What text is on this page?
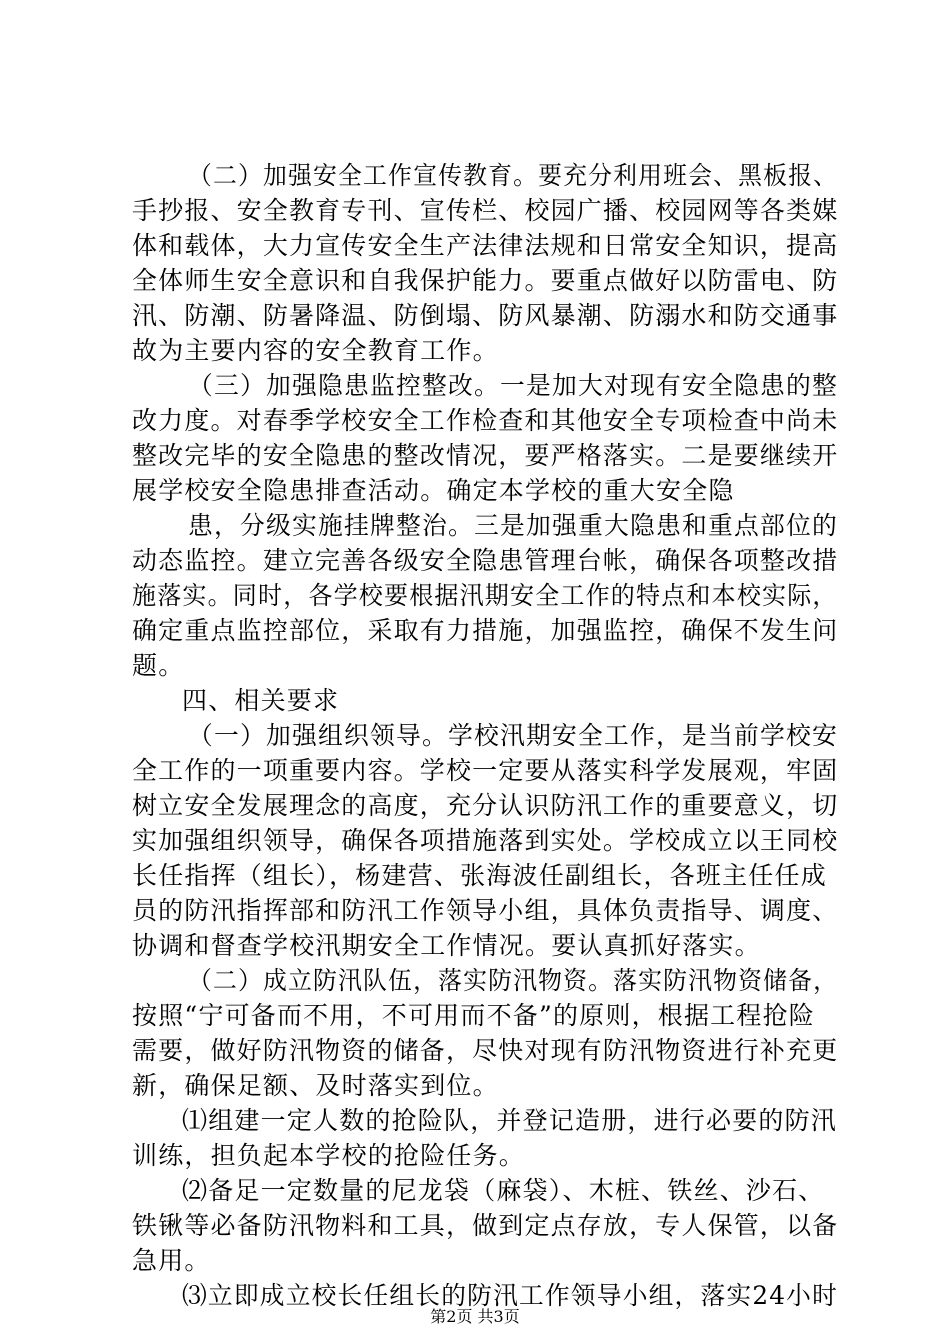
（二）加强安全工作宣传教育。要充分利用班会、黑板报、

手抄报、安全教育专刊、宣传栏、校园广播、校园网等各类媒

体和载体，大力宣传安全生产法律法规和日常安全知识，提高

全体师生安全意识和自我保护能力。要重点做好以防雷电、防

汛、防潮、防暑降温、防倒塌、防风暴潮、防溺水和防交通事

故为主要内容的安全教育工作。

（三）加强隐患监控整改。一是加大对现有安全隐患的整

改力度。对春季学校安全工作检查和其他安全专项检查中尚未

整改完毕的安全隐患的整改情况，要严格落实。二是要继续开

展学校安全隐患排查活动。确定本学校的重大安全隐

患，分级实施挂牌整治。三是加强重大隐患和重点部位的

动态监控。建立完善各级安全隐患管理台帐，确保各项整改措

施落实。同时，各学校要根据汛期安全工作的特点和本校实际，

确定重点监控部位，采取有力措施，加强监控，确保不发生问

题。

四、相关要求

（一）加强组织领导。学校汛期安全工作，是当前学校安

全工作的一项重要内容。学校一定要从落实科学发展观，牢固

树立安全发展理念的高度，充分认识防汛工作的重要意义，切

实加强组织领导，确保各项措施落到实处。学校成立以王同校

长任指挥（组长），杨建营、张海波任副组长，各班主任任成

员的防汛指挥部和防汛工作领导小组，具体负责指导、调度、

协调和督查学校汛期安全工作情况。要认真抓好落实。

（二）成立防汛队伍，落实防汛物资。落实防汛物资储备，

按照“宁可备而不用，不可用而不备”的原则，根据工程抢险

需要，做好防汛物资的储备，尽快对现有防汛物资进行补充更

新，确保足额、及时落实到位。

⑴组建一定人数的抢险队，并登记造册，进行必要的防汛

训练，担负起本学校的抢险任务。

⑵备足一定数量的尼龙袋（麻袋）、木桩、铁丝、沙石、

铁锹等必备防汛物料和工具，做到定点存放，专人保管，以备

急用。

⑶立即成立校长任组长的防汛工作领导小组，落实24小时

第2页 共3页
